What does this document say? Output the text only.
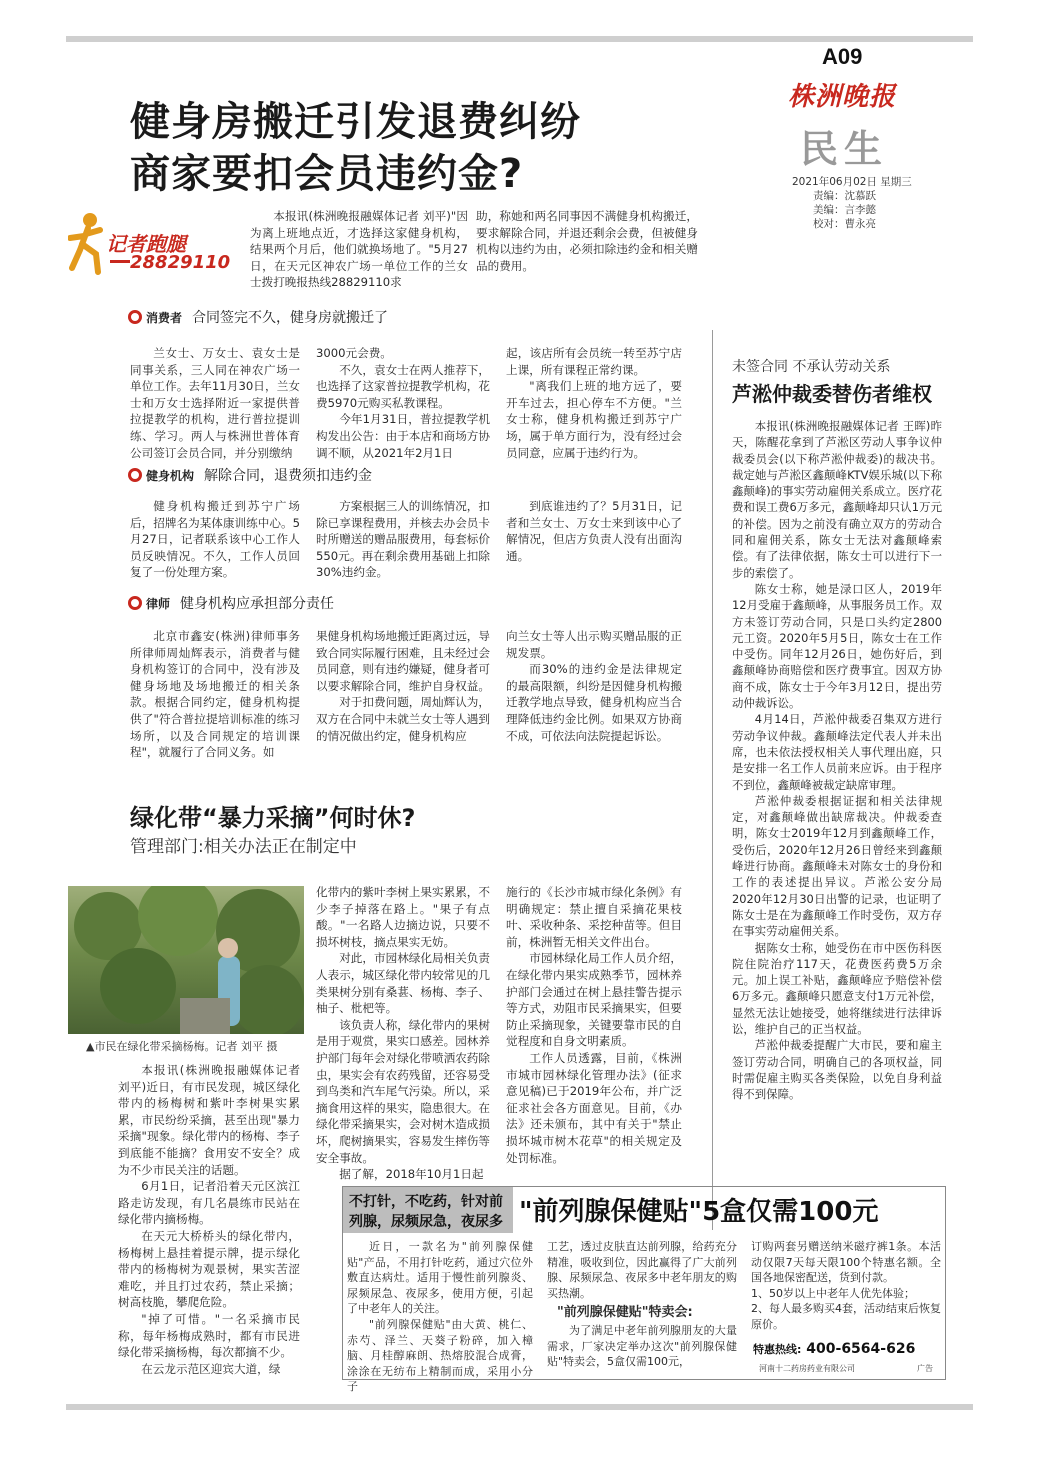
A09
株洲晚报
民生
2021年06月02日 星期三
责编：沈慕跃
美编：言李懿
校对：曹永亮
健身房搬迁引发退费纠纷
商家要扣会员违约金?
记者跑腿
28829110

本报讯(株洲晚报融媒体记者 刘平)"因为离上班地点近，才选择这家健身机构，结果两个月后，他们就换场地了。"5月27日，在天元区神农广场一单位工作的兰女士拨打晚报热线28829110求

助，称她和两名同事因不满健身机构搬迁，要求解除合同，并退还剩余会费，但被健身机构以违约为由，必须扣除违约金和相关赠品的费用。

消费者 合同签完不久，健身房就搬迁了

兰女士、万女士、袁女士是同事关系，三人同在神农广场一单位工作。去年11月30日，兰女士和万女士选择附近一家提供普拉提教学的机构，进行普拉提训练、学习。两人与株洲世普体育公司签订会员合同，并分别缴纳

3000元会费。

不久，袁女士在两人推荐下，也选择了这家普拉提教学机构，花费5970元购买私教课程。

今年1月31日，普拉提教学机构发出公告：由于本店和商场方协调不顺，从2021年2月1日

起，该店所有会员统一转至苏宁店上课，所有课程正常约课。

"离我们上班的地方远了，要开车过去，担心停车不方便。"兰女士称，健身机构搬迁到苏宁广场，属于单方面行为，没有经过会员同意，应属于违约行为。

健身机构 解除合同，退费须扣违约金

健身机构搬迁到苏宁广场后，招牌名为某体康训练中心。5月27日，记者联系该中心工作人员反映情况。不久，工作人员回复了一份处理方案。

方案根据三人的训练情况，扣除已享课程费用，并核去办会员卡时所赠送的赠品服费用，每套标价550元。再在剩余费用基础上扣除30%违约金。

到底谁违约了？5月31日，记者和兰女士、万女士来到该中心了解情况，但店方负责人没有出面沟通。

律师 健身机构应承担部分责任

北京市鑫安(株洲)律师事务所律师周灿辉表示，消费者与健身机构签订的合同中，没有涉及健身场地及场地搬迁的相关条款。根据合同约定，健身机构提供了"符合普拉提培训标准的练习场所，以及合同规定的培训课程"，就履行了合同义务。如

果健身机构场地搬迁距离过远，导致合同实际履行困难，且未经过会员同意，则有违约嫌疑，健身者可以要求解除合同，维护自身权益。

对于扣费问题，周灿辉认为，双方在合同中未就兰女士等人遇到的情况做出约定，健身机构应

向兰女士等人出示购买赠品服的正规发票。

而30%的违约金是法律规定的最高限额，纠纷是因健身机构搬迁教学地点导致，健身机构应当合理降低违约金比例。如果双方协商不成，可依法向法院提起诉讼。

未签合同 不承认劳动关系
芦淞仲裁委替伤者维权

本报讯(株洲晚报融媒体记者 王晖)昨天，陈醒花拿到了芦淞区劳动人事争议仲裁委员会(以下称芦淞仲裁委)的裁决书。裁定她与芦淞区鑫颠峰KTV娱乐城(以下称鑫颠峰)的事实劳动雇佣关系成立。医疗花费和误工费6万多元，鑫颠峰却只认1万元的补偿。因为之前没有确立双方的劳动合同和雇佣关系，陈女士无法对鑫颠峰索偿。有了法律依据，陈女士可以进行下一步的索偿了。

陈女士称，她是渌口区人，2019年12月受雇于鑫颠峰，从事服务员工作。双方未签订劳动合同，只是口头约定2800元工资。2020年5月5日，陈女士在工作中受伤。同年12月26日，她伤好后，到鑫颠峰协商赔偿和医疗费事宜。因双方协商不成，陈女士于今年3月12日，提出劳动仲裁诉讼。

4月14日，芦淞仲裁委召集双方进行劳动争议仲裁。鑫颠峰法定代表人并未出席，也未依法授权相关人事代理出庭，只是安排一名工作人员前来应诉。由于程序不到位，鑫颠峰被裁定缺席审理。

芦淞仲裁委根据证据和相关法律规定，对鑫颠峰做出缺席裁决。仲裁委查明，陈女士2019年12月到鑫颠峰工作，受伤后，2020年12月26日曾经来到鑫颠峰进行协商。鑫颠峰未对陈女士的身份和工作的表述提出异议。芦淞公安分局2020年12月30日出警的记录，也证明了陈女士是在为鑫颠峰工作时受伤，双方存在事实劳动雇佣关系。

据陈女士称，她受伤在市中医伤科医院住院治疗117天，花费医药费5万余元。加上误工补贴，鑫颠峰应予赔偿补偿6万多元。鑫颠峰只愿意支付1万元补偿，显然无法让她接受，她将继续进行法律诉讼，维护自己的正当权益。

芦淞仲裁委提醒广大市民，要和雇主签订劳动合同，明确自己的各项权益，同时需促雇主购买各类保险，以免自身利益得不到保障。

绿化带“暴力采摘”何时休?
管理部门:相关办法正在制定中
▲市民在绿化带采摘杨梅。记者 刘平 摄

本报讯(株洲晚报融媒体记者 刘平)近日，有市民发现，城区绿化带内的杨梅树和紫叶李树果实累累，市民纷纷采摘，甚至出现"暴力采摘"现象。绿化带内的杨梅、李子到底能不能摘？食用安不安全？成为不少市民关注的话题。

6月1日，记者沿着天元区滨江路走访发现，有几名晨练市民站在绿化带内摘杨梅。

在天元大桥桥头的绿化带内，杨梅树上悬挂着提示牌，提示绿化带内的杨梅树为观景树，果实苦涩难吃，并且打过农药，禁止采摘；树高枝脆，攀爬危险。

"掉了可惜。"一名采摘市民称，每年杨梅成熟时，都有市民进绿化带采摘杨梅，每次都摘不少。

在云龙示范区迎宾大道，绿

化带内的紫叶李树上果实累累，不少李子掉落在路上。"果子有点酸。"一名路人边摘边说，只要不损坏树枝，摘点果实无妨。

对此，市园林绿化局相关负责人表示，城区绿化带内较常见的几类果树分别有桑葚、杨梅、李子、柚子、枇杷等。

该负责人称，绿化带内的果树是用于观赏，果实口感差。园林养护部门每年会对绿化带喷洒农药除虫，果实会有农药残留，还容易受到鸟类和汽车尾气污染。所以，采摘食用这样的果实，隐患很大。在绿化带采摘果实，会对树木造成损坏，爬树摘果实，容易发生摔伤等安全事故。

据了解，2018年10月1日起

施行的《长沙市城市绿化条例》有明确规定：禁止擅自采摘花果枝叶、采收种条、采挖种苗等。但目前，株洲暂无相关文件出台。

市园林绿化局工作人员介绍，在绿化带内果实成熟季节，园林养护部门会通过在树上悬挂警告提示等方式，劝阻市民采摘果实，但要防止采摘现象，关键要靠市民的自觉程度和自身文明素质。

工作人员透露，目前，《株洲市城市园林绿化管理办法》(征求意见稿)已于2019年公布，并广泛征求社会各方面意见。目前，《办法》还未颁布，其中有关于"禁止损坏城市树木花草"的相关规定及处罚标准。

不打针，不吃药，针对前
列腺，尿频尿急，夜尿多 "前列腺保健贴"5盒仅需100元

近日，一款名为"前列腺保健贴"产品，不用打针吃药，通过穴位外敷直达病灶。适用于慢性前列腺炎、尿频尿急、夜尿多，使用方便，引起了中老年人的关注。

"前列腺保健贴"由大黄、桃仁、赤芍、泽兰、天葵子粉碎，加入樟脑、月桂醇麻朗、热熔胶混合成膏，涂涂在无纺布上精制而成，采用小分子

工艺，透过皮肤直达前列腺，给药充分精准，吸收到位，因此赢得了广大前列腺、尿频尿急、夜尿多中老年朋友的购买热潮。

"前列腺保健贴"特卖会:

为了满足中老年前列腺朋友的大量需求，厂家决定举办这次"前列腺保健贴"特卖会，5盒仅需100元，

订购两套另赠送纳米磁疗裤1条。本活动仅限7天每天限100个特惠名额。全国各地保密配送，货到付款。

1、50岁以上中老年人优先体验；

2、每人最多购买4套，活动结束后恢复原价。

特惠热线: 400-6564-626
河南十二药房药业有限公司	广告
